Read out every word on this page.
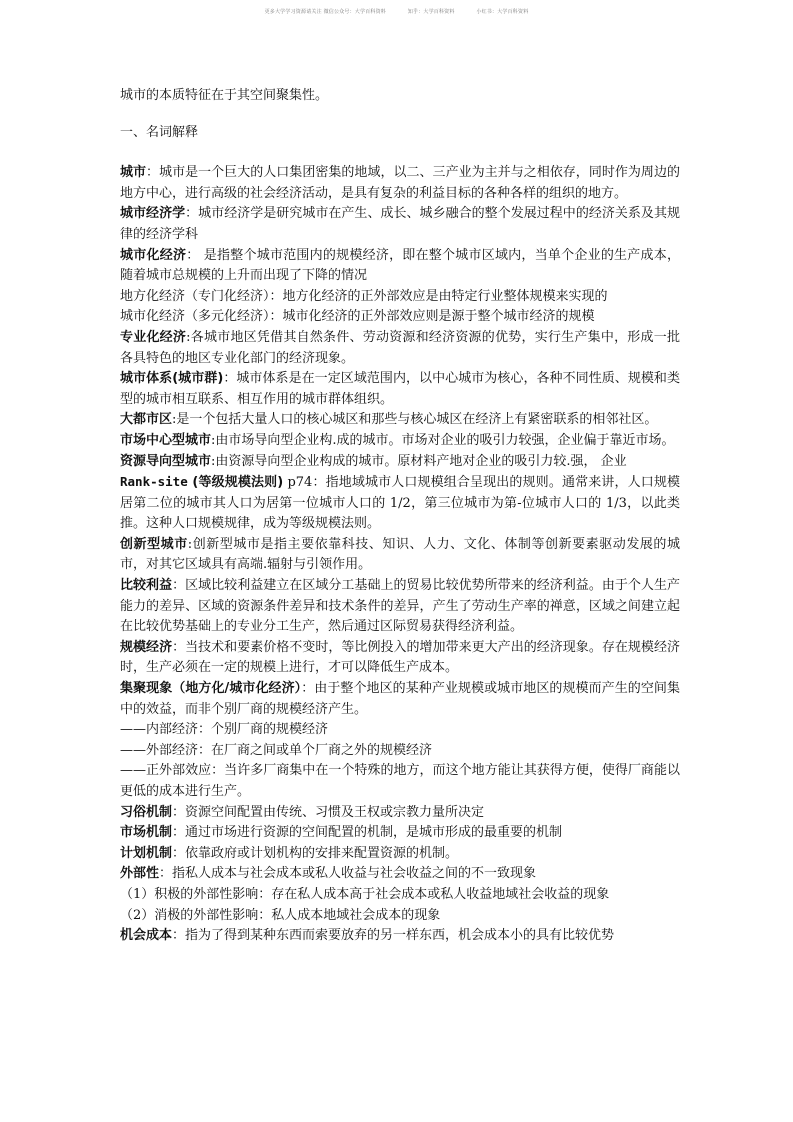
更多大学学习资源请关注 微信公众号：大学百科资料	知乎：大学百科资料	小红书：大学百科资料

城市的本质特征在于其空间聚集性。

一、名词解释

城市：城市是一个巨大的人口集团密集的地域，以二、三产业为主并与之相依存，同时作为周边的地方中心，进行高级的社会经济活动，是具有复杂的利益目标的各种各样的组织的地方。

城市经济学：城市经济学是研究城市在产生、成长、城乡融合的整个发展过程中的经济关系及其规律的经济学科

城市化经济： 是指整个城市范围内的规模经济，即在整个城市区域内，当单个企业的生产成本，随着城市总规模的上升而出现了下降的情况

地方化经济（专门化经济）：地方化经济的正外部效应是由特定行业整体规模来实现的

城市化经济（多元化经济）：城市化经济的正外部效应则是源于整个城市经济的规模

专业化经济:各城市地区凭借其自然条件、劳动资源和经济资源的优势，实行生产集中，形成一批各具特色的地区专业化部门的经济现象。

城市体系(城市群)：城市体系是在一定区域范围内，以中心城市为核心，各种不同性质、规模和类型的城市相互联系、相互作用的城市群体组织。

大都市区:是一个包括大量人口的核心城区和那些与核心城区在经济上有紧密联系的相邻社区。

市场中心型城市:由市场导向型企业构.成的城市。市场对企业的吸引力较强，企业偏于靠近市场。

资源导向型城市:由资源导向型企业构成的城市。原材料产地对企业的吸引力较.强， 企业

Rank-site (等级规模法则) p74：指地域城市人口规模组合呈现出的规则。通常来讲，人口规模居第二位的城市其人口为居第一位城市人口的 1/2，第三位城市为第-位城市人口的 1/3，以此类推。这种人口规模规律，成为等级规模法则。

创新型城市:创新型城市是指主要依靠科技、知识、人力、文化、体制等创新要素驱动发展的城市，对其它区域具有高端.辐射与引领作用。

比较利益：区域比较利益建立在区域分工基础上的贸易比较优势所带来的经济利益。由于个人生产能力的差异、区域的资源条件差异和技术条件的差异，产生了劳动生产率的禅意，区域之间建立起在比较优势基础上的专业分工生产，然后通过区际贸易获得经济利益。

规模经济：当技术和要素价格不变时，等比例投入的增加带来更大产出的经济现象。存在规模经济时，生产必须在一定的规模上进行，才可以降低生产成本。

集聚现象（地方化/城市化经济）：由于整个地区的某种产业规模或城市地区的规模而产生的空间集中的效益，而非个别厂商的规模经济产生。

——内部经济：个别厂商的规模经济

——外部经济：在厂商之间或单个厂商之外的规模经济

——正外部效应：当许多厂商集中在一个特殊的地方，而这个地方能让其获得方便，使得厂商能以更低的成本进行生产。

习俗机制：资源空间配置由传统、习惯及王权或宗教力量所决定

市场机制：通过市场进行资源的空间配置的机制，是城市形成的最重要的机制

计划机制：依靠政府或计划机构的安排来配置资源的机制。

外部性：指私人成本与社会成本或私人收益与社会收益之间的不一致现象

（1）积极的外部性影响：存在私人成本高于社会成本或私人收益地域社会收益的现象

（2）消极的外部性影响：私人成本地域社会成本的现象

机会成本：指为了得到某种东西而索要放弃的另一样东西，机会成本小的具有比较优势
